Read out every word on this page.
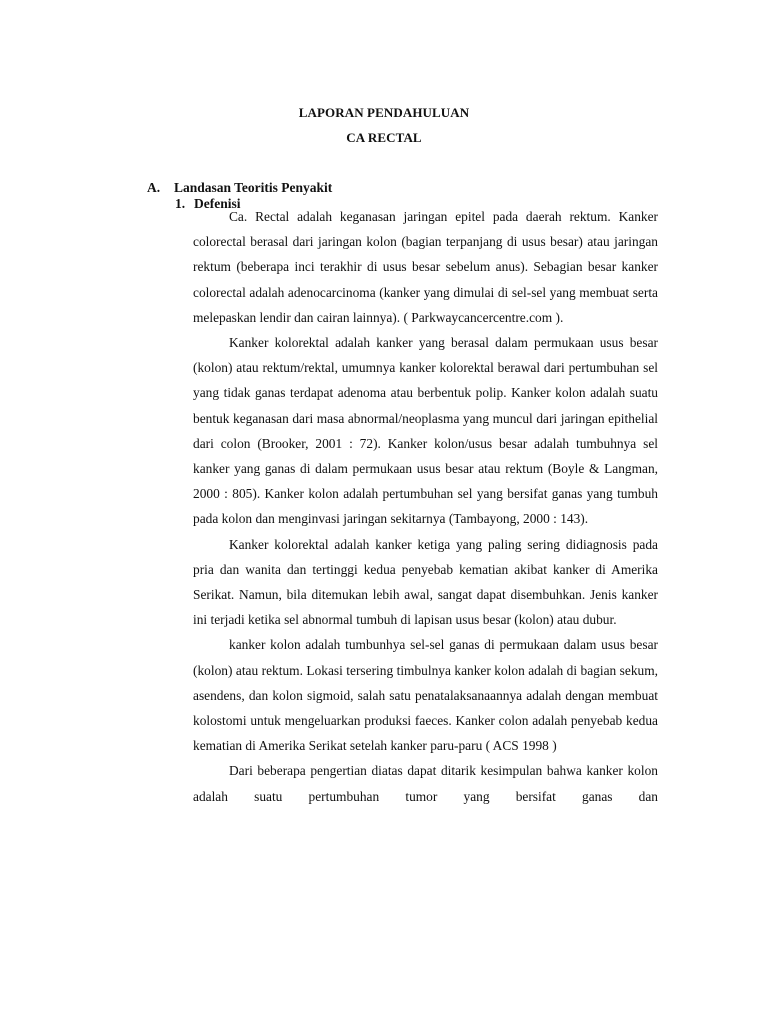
LAPORAN PENDAHULUAN
CA RECTAL
A. Landasan Teoritis Penyakit
1. Defenisi

Ca. Rectal adalah keganasan jaringan epitel pada daerah rektum. Kanker colorectal berasal dari jaringan kolon (bagian terpanjang di usus besar) atau jaringan rektum (beberapa inci terakhir di usus besar sebelum anus). Sebagian besar kanker colorectal adalah adenocarcinoma (kanker yang dimulai di sel-sel yang membuat serta melepaskan lendir dan cairan lainnya). ( Parkwaycancercentre.com ).

Kanker kolorektal adalah kanker yang berasal dalam permukaan usus besar (kolon) atau rektum/rektal, umumnya kanker kolorektal berawal dari pertumbuhan sel yang tidak ganas terdapat adenoma atau berbentuk polip. Kanker kolon adalah suatu bentuk keganasan dari masa abnormal/neoplasma yang muncul dari jaringan epithelial dari colon (Brooker, 2001 : 72). Kanker kolon/usus besar adalah tumbuhnya sel kanker yang ganas di dalam permukaan usus besar atau rektum (Boyle & Langman, 2000 : 805). Kanker kolon adalah pertumbuhan sel yang bersifat ganas yang tumbuh pada kolon dan menginvasi jaringan sekitarnya (Tambayong, 2000 : 143).

Kanker kolorektal adalah kanker ketiga yang paling sering didiagnosis pada pria dan wanita dan tertinggi kedua penyebab kematian akibat kanker di Amerika Serikat. Namun, bila ditemukan lebih awal, sangat dapat disembuhkan. Jenis kanker ini terjadi ketika sel abnormal tumbuh di lapisan usus besar (kolon) atau dubur.

kanker kolon adalah tumbunhya sel-sel ganas di permukaan dalam usus besar (kolon) atau rektum. Lokasi tersering timbulnya kanker kolon adalah di bagian sekum, asendens, dan kolon sigmoid, salah satu penatalaksanaannya adalah dengan membuat kolostomi untuk mengeluarkan produksi faeces. Kanker colon adalah penyebab kedua kematian di Amerika Serikat setelah kanker paru-paru ( ACS 1998 )

Dari beberapa pengertian diatas dapat ditarik kesimpulan bahwa kanker kolon adalah suatu pertumbuhan tumor yang bersifat ganas dan
